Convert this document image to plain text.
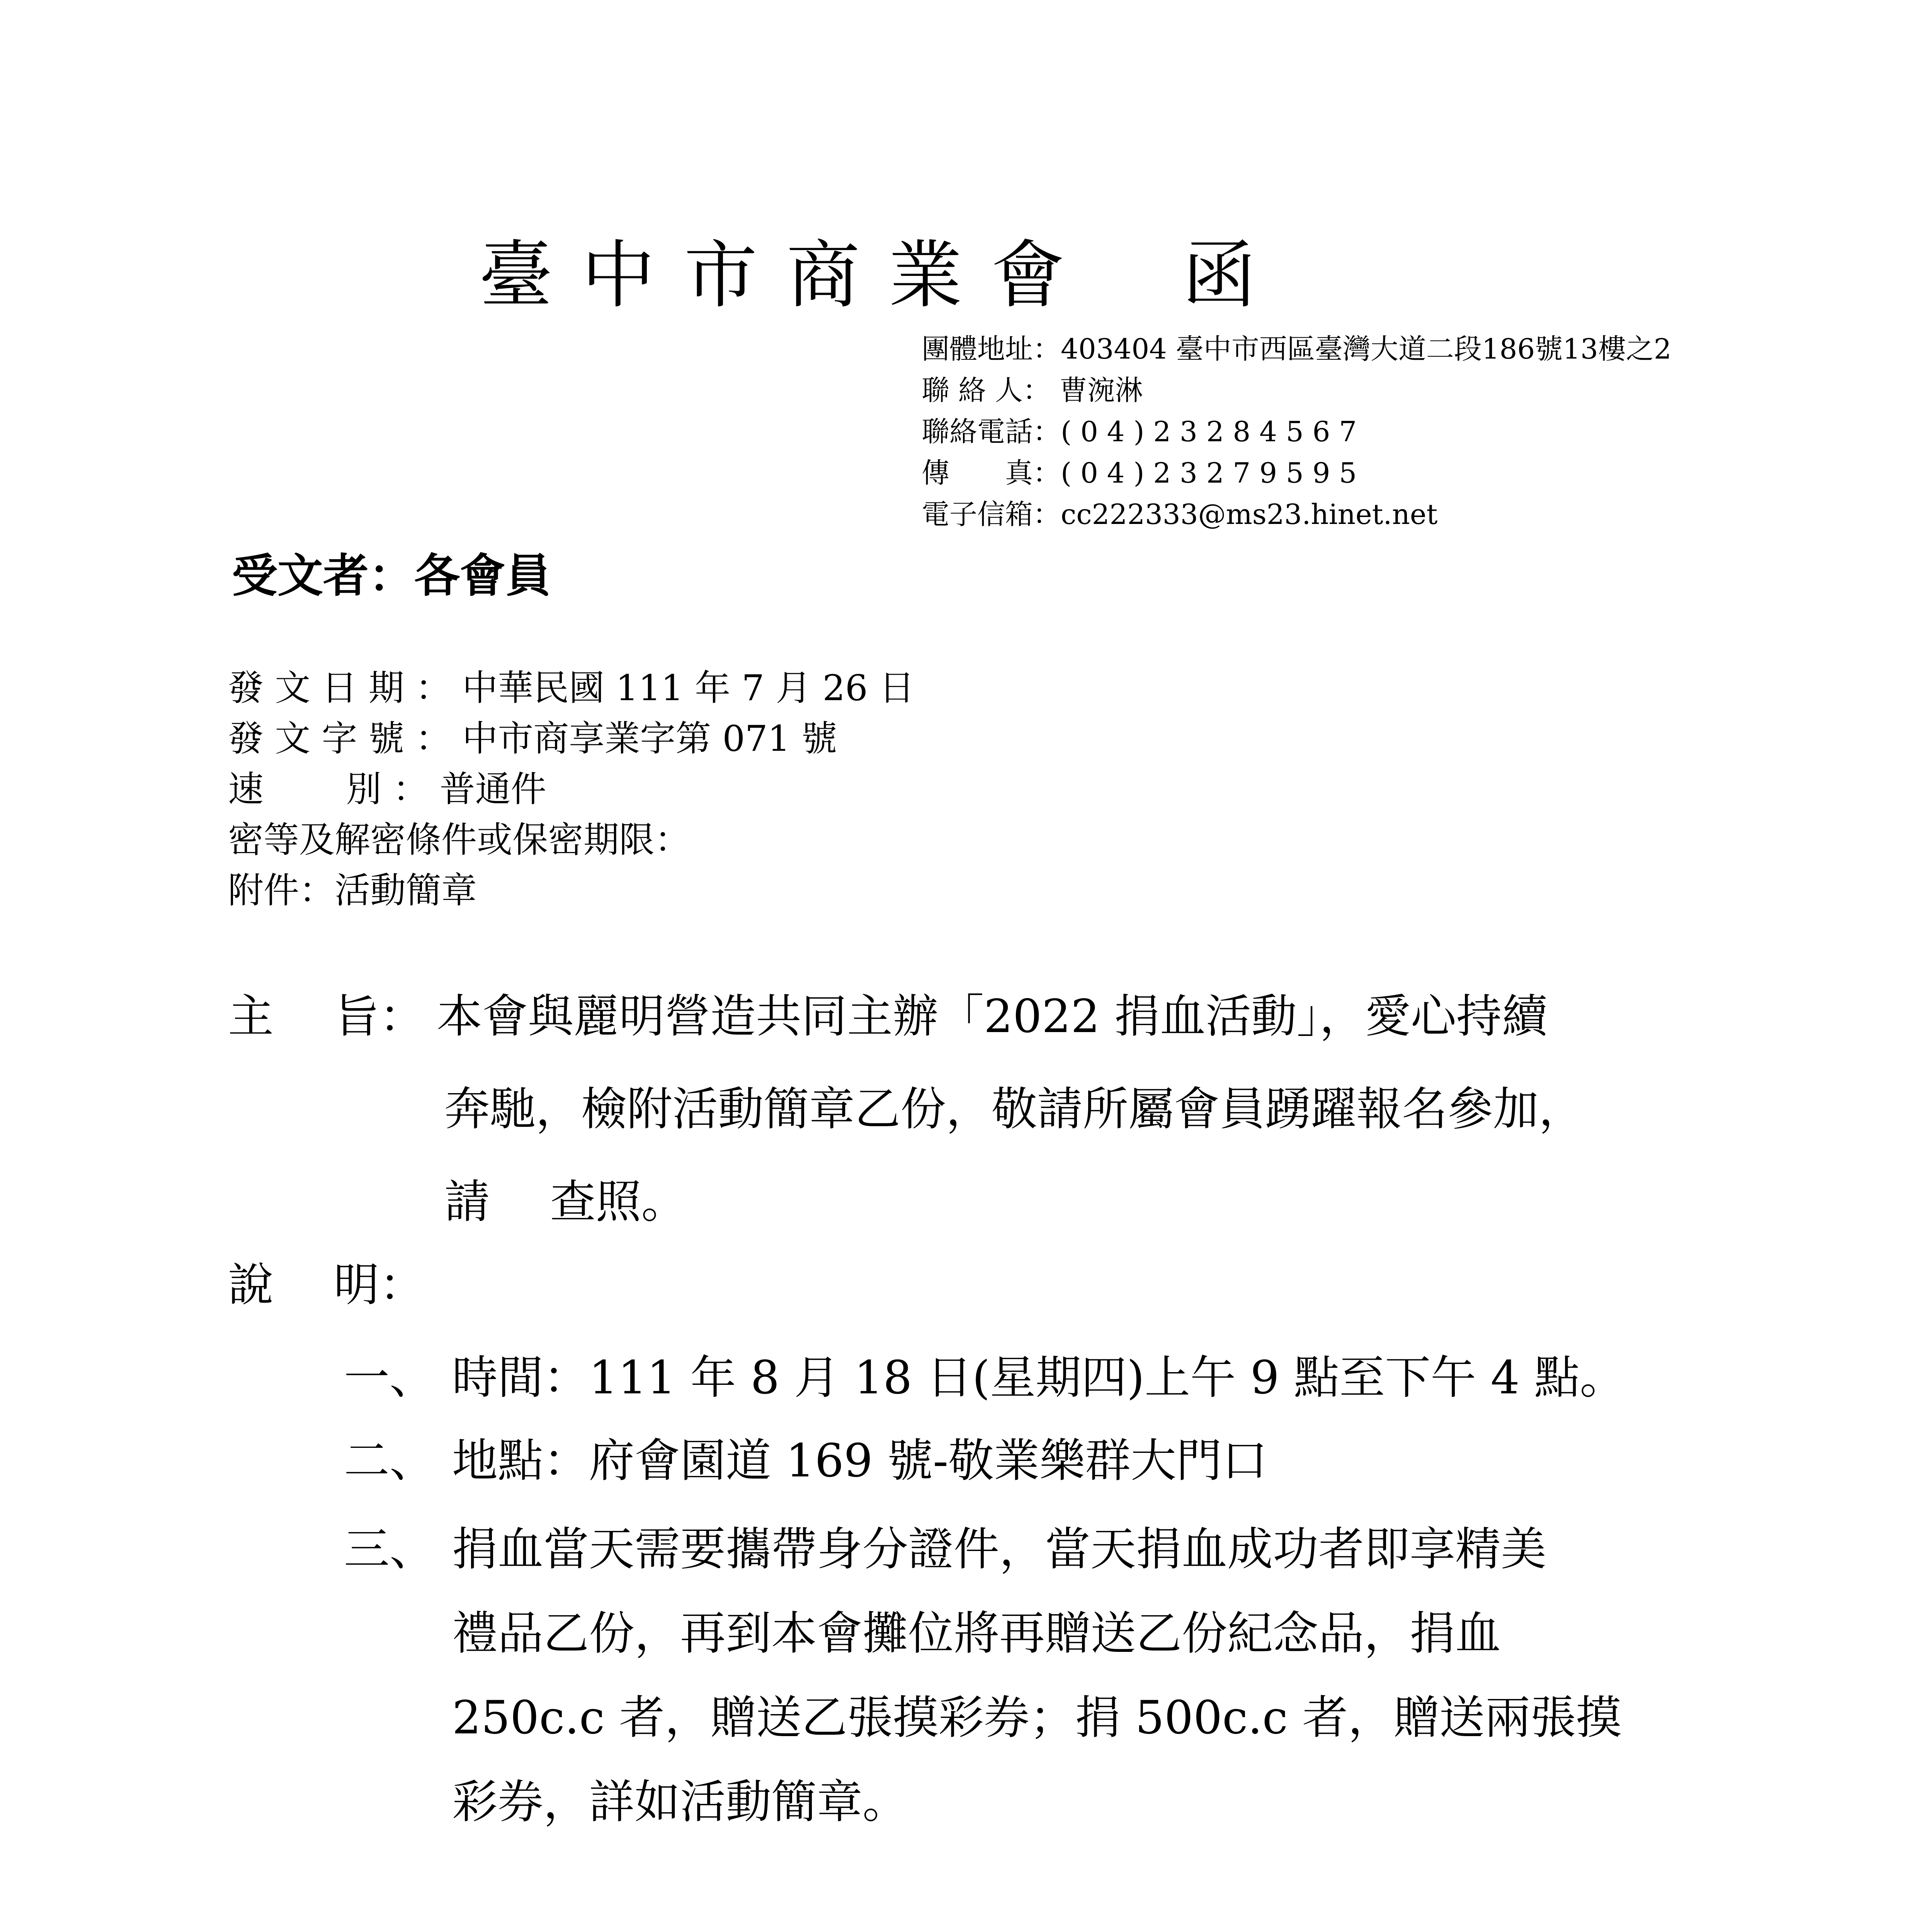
臺 中 市 商 業 會 函
團體地址：403404 臺中市西區臺灣大道二段186號13樓之2
聯 絡 人： 曹涴淋
聯絡電話：( 0 4 ) 2 3 2 8 4 5 6 7
傳　　真：( 0 4 ) 2 3 2 7 9 5 9 5
電子信箱：cc222333@ms23.hinet.net
受文者：各會員
發 文 日 期 ： 中華民國 111 年 7 月 26 日
發 文 字 號 ： 中市商享業字第 071 號
速　　 別 ： 普通件
密等及解密條件或保密期限：
附件：活動簡章
主　 旨： 本會與麗明營造共同主辦「2022 捐血活動」，愛心持續
奔馳，檢附活動簡章乙份，敬請所屬會員踴躍報名參加，
請　 查照。
說　 明：
一、 時間：111 年 8 月 18 日(星期四)上午 9 點至下午 4 點。
二、 地點：府會園道 169 號-敬業樂群大門口
三、 捐血當天需要攜帶身分證件，當天捐血成功者即享精美
禮品乙份，再到本會攤位將再贈送乙份紀念品，捐血
250c.c 者，贈送乙張摸彩券；捐 500c.c 者，贈送兩張摸
彩券，詳如活動簡章。
